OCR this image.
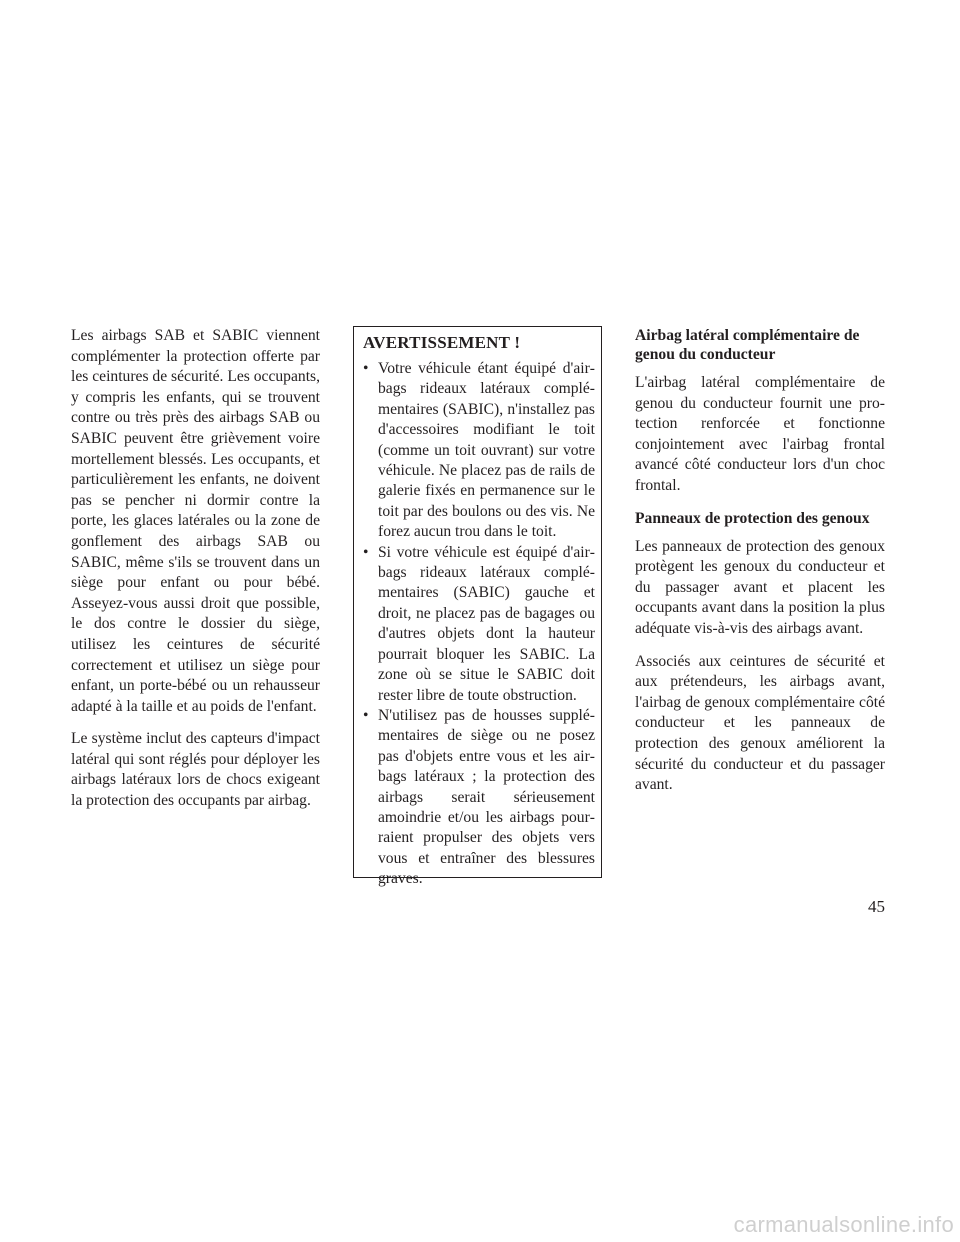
Les airbags SAB et SABIC viennent complémenter la protection offerte par les ceintures de sécurité. Les occupants, y compris les enfants, qui se trouvent contre ou très près des airbags SAB ou SABIC peuvent être grièvement voire mortellement blessés. Les occupants, et particulièrement les enfants, ne doivent pas se pencher ni dormir contre la porte, les glaces latérales ou la zone de gonflement des airbags SAB ou SABIC, même s'ils se trouvent dans un siège pour enfant ou pour bébé. Asseyez-vous aussi droit que possible, le dos contre le dossier du siège, utilisez les ceintures de sécurité correctement et utilisez un siège pour enfant, un porte-bébé ou un rehausseur adapté à la taille et au poids de l'enfant.

Le système inclut des capteurs d'impact latéral qui sont réglés pour déployer les airbags latéraux lors de chocs exigeant la protection des occupants par airbag.

AVERTISSEMENT !
• Votre véhicule étant équipé d'airbags rideaux latéraux complémentaires (SABIC), n'installez pas d'accessoires modifiant le toit (comme un toit ouvrant) sur votre véhicule. Ne placez pas de rails de galerie fixés en permanence sur le toit par des boulons ou des vis. Ne forez aucun trou dans le toit.
• Si votre véhicule est équipé d'airbags rideaux latéraux complémentaires (SABIC) gauche et droit, ne placez pas de bagages ou d'autres objets dont la hauteur pourrait bloquer les SABIC. La zone où se situe le SABIC doit rester libre de toute obstruction.
• N'utilisez pas de housses supplémentaires de siège ou ne posez pas d'objets entre vous et les airbags latéraux ; la protection des airbags serait sérieusement amoindrie et/ou les airbags pourraient propulser des objets vers vous et entraîner des blessures graves.
Airbag latéral complémentaire de genou du conducteur

L'airbag latéral complémentaire de genou du conducteur fournit une protection renforcée et fonctionne conjointement avec l'airbag frontal avancé côté conducteur lors d'un choc frontal.

Panneaux de protection des genoux

Les panneaux de protection des genoux protègent les genoux du conducteur et du passager avant et placent les occupants avant dans la position la plus adéquate vis-à-vis des airbags avant.

Associés aux ceintures de sécurité et aux prétendeurs, les airbags avant, l'airbag de genoux complémentaire côté conducteur et les panneaux de protection des genoux améliorent la sécurité du conducteur et du passager avant.

45
carmanualsonline.info
